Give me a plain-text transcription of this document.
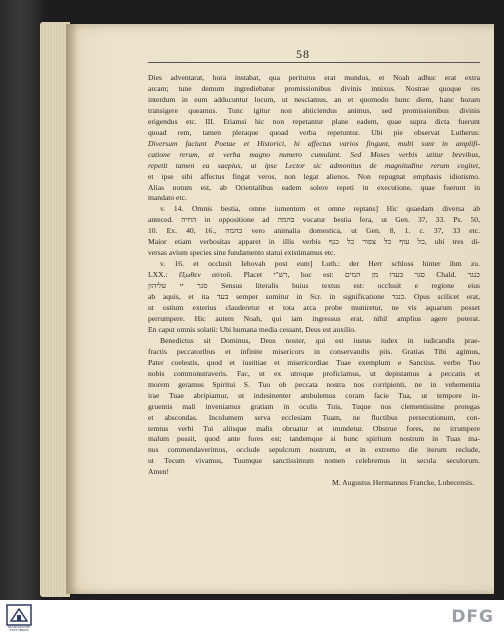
58
Dies adventarat, hora instabat, qua periturus erat mundus, et Noah adhuc erat extra
arcam; tune demum ingrediebatur promissionibus divinis innixus. Nostrae quoque res
interdum in eum adducuntur locum, ut nesciamus, an et quomodo hunc diem, hanc horam
transigere queamus. Tunc igitur non abiiciendus animus, sed promissionibus divinis
erigendus etc. III. Etiamsi hic non repetantur plane eadem, quae supra dicta fuerunt
quoad rem, tamen pleraque quoad verba repetuntur. Ubi pie observat Lutherus:
Diversum faciunt Poetae et Historici, hi affectus varios fingunt, multi sunt in amplifi-
catione rerum, et verba magno numero cumulant. Sed Moses verbis utitur brevibus,
repetit tamen ea saepius, ut ipse Lector sic admonitus de magnitudine rerum cogitet,
et ipse sibi affectus fingat veros, non legat alienos. Non repugnat emphasis idiotismo.
Alias notum est, ab Orientalibus eadem solere repeti in executione, quae fuerunt in
mandato etc.
v. 14. Omnis bestia, omne iumentum et omne reptans] Hic quaedam diversa ab
anteced. החיה in oppositione ad בהמה vocatur bestia fera, ut Gen. 37, 33. Ps. 50,
10. Ex. 40, 16., בהמה vero animalia domestica, ut Gen. 8, 1. c. 37, 33 etc.
Maior etiam verbositas apparet in illis verbis כל עוף כל צפור כל כנף, ubi tres di-
versas avium species sine fundamento statui existimamus etc.
v. 16. et occlusit Iehovah post eum] Luth.: der Herr schloss hinter ihm zu.
LXX.: ἔξωθεν αὐτοῦ. Placet רש"י, hoc est: סגר בעדו מן המים Chald. כנגר
סגר יי עליהון Sensus literalis huius textus est: occlusit e regione eius
ab aquis, et ita בעד semper sumitur in Scr. in significatione כנגד. Opus scilicet erat,
ut ostium exterius clauderetur et tota arca probe muniretur, ne vis aquarum posset
perrumpere. Hic autem Noah, qui iam ingressus erat, nihil amplius agere poterat.
En caput omnis solatii: Ubi humana media cessant, Deus est auxilio.
Benedictus sit Dominus, Deus noster, qui est iustus iudex in iudicandis prae-
fractis peccatoribus et infinite misericors in conservandis piis. Gratias Tibi agimus,
Pater coelestis, quod et iustitiae et misericordiae Tuae exemplum e Sanctiss. verbo Tuo
nobis commonstraveris. Fac, ut ex utroque proficiamus, ut depistamus a peccatis et
morem geramus Spiritui S. Tuo ob peccata nostra nos corripienti, ne in vehementia
irae Tuae abripiamur, ut indesinenter ambulemus coram facie Tua, ut tempore in-
gruentis mali inveniamus gratiam in oculis Tuis, Tuque nos clementissime protegas
et abscondas. Incolumem serva ecclesiam Tuam, ne fluctibus persecutionum, con-
temtus verbi Tui aliisque malis obruatur et inundetur. Obstrue fores, ne irrumpere
malum possit, quod ante fores est; tandemque si hunc spiritum nostrum in Tuas ma-
nus commendaverimus, occlude sepulcrum nostrum, et in extremo die iterum recludе,
ut Tecum vivamus, Tuumque sanctissimum nomen celebremus in secula seculorum.
Amen!
M. Augustus Hermannus Francke, Lubecensis.
FRANCKESCHE STIFTUNGEN
DFG
